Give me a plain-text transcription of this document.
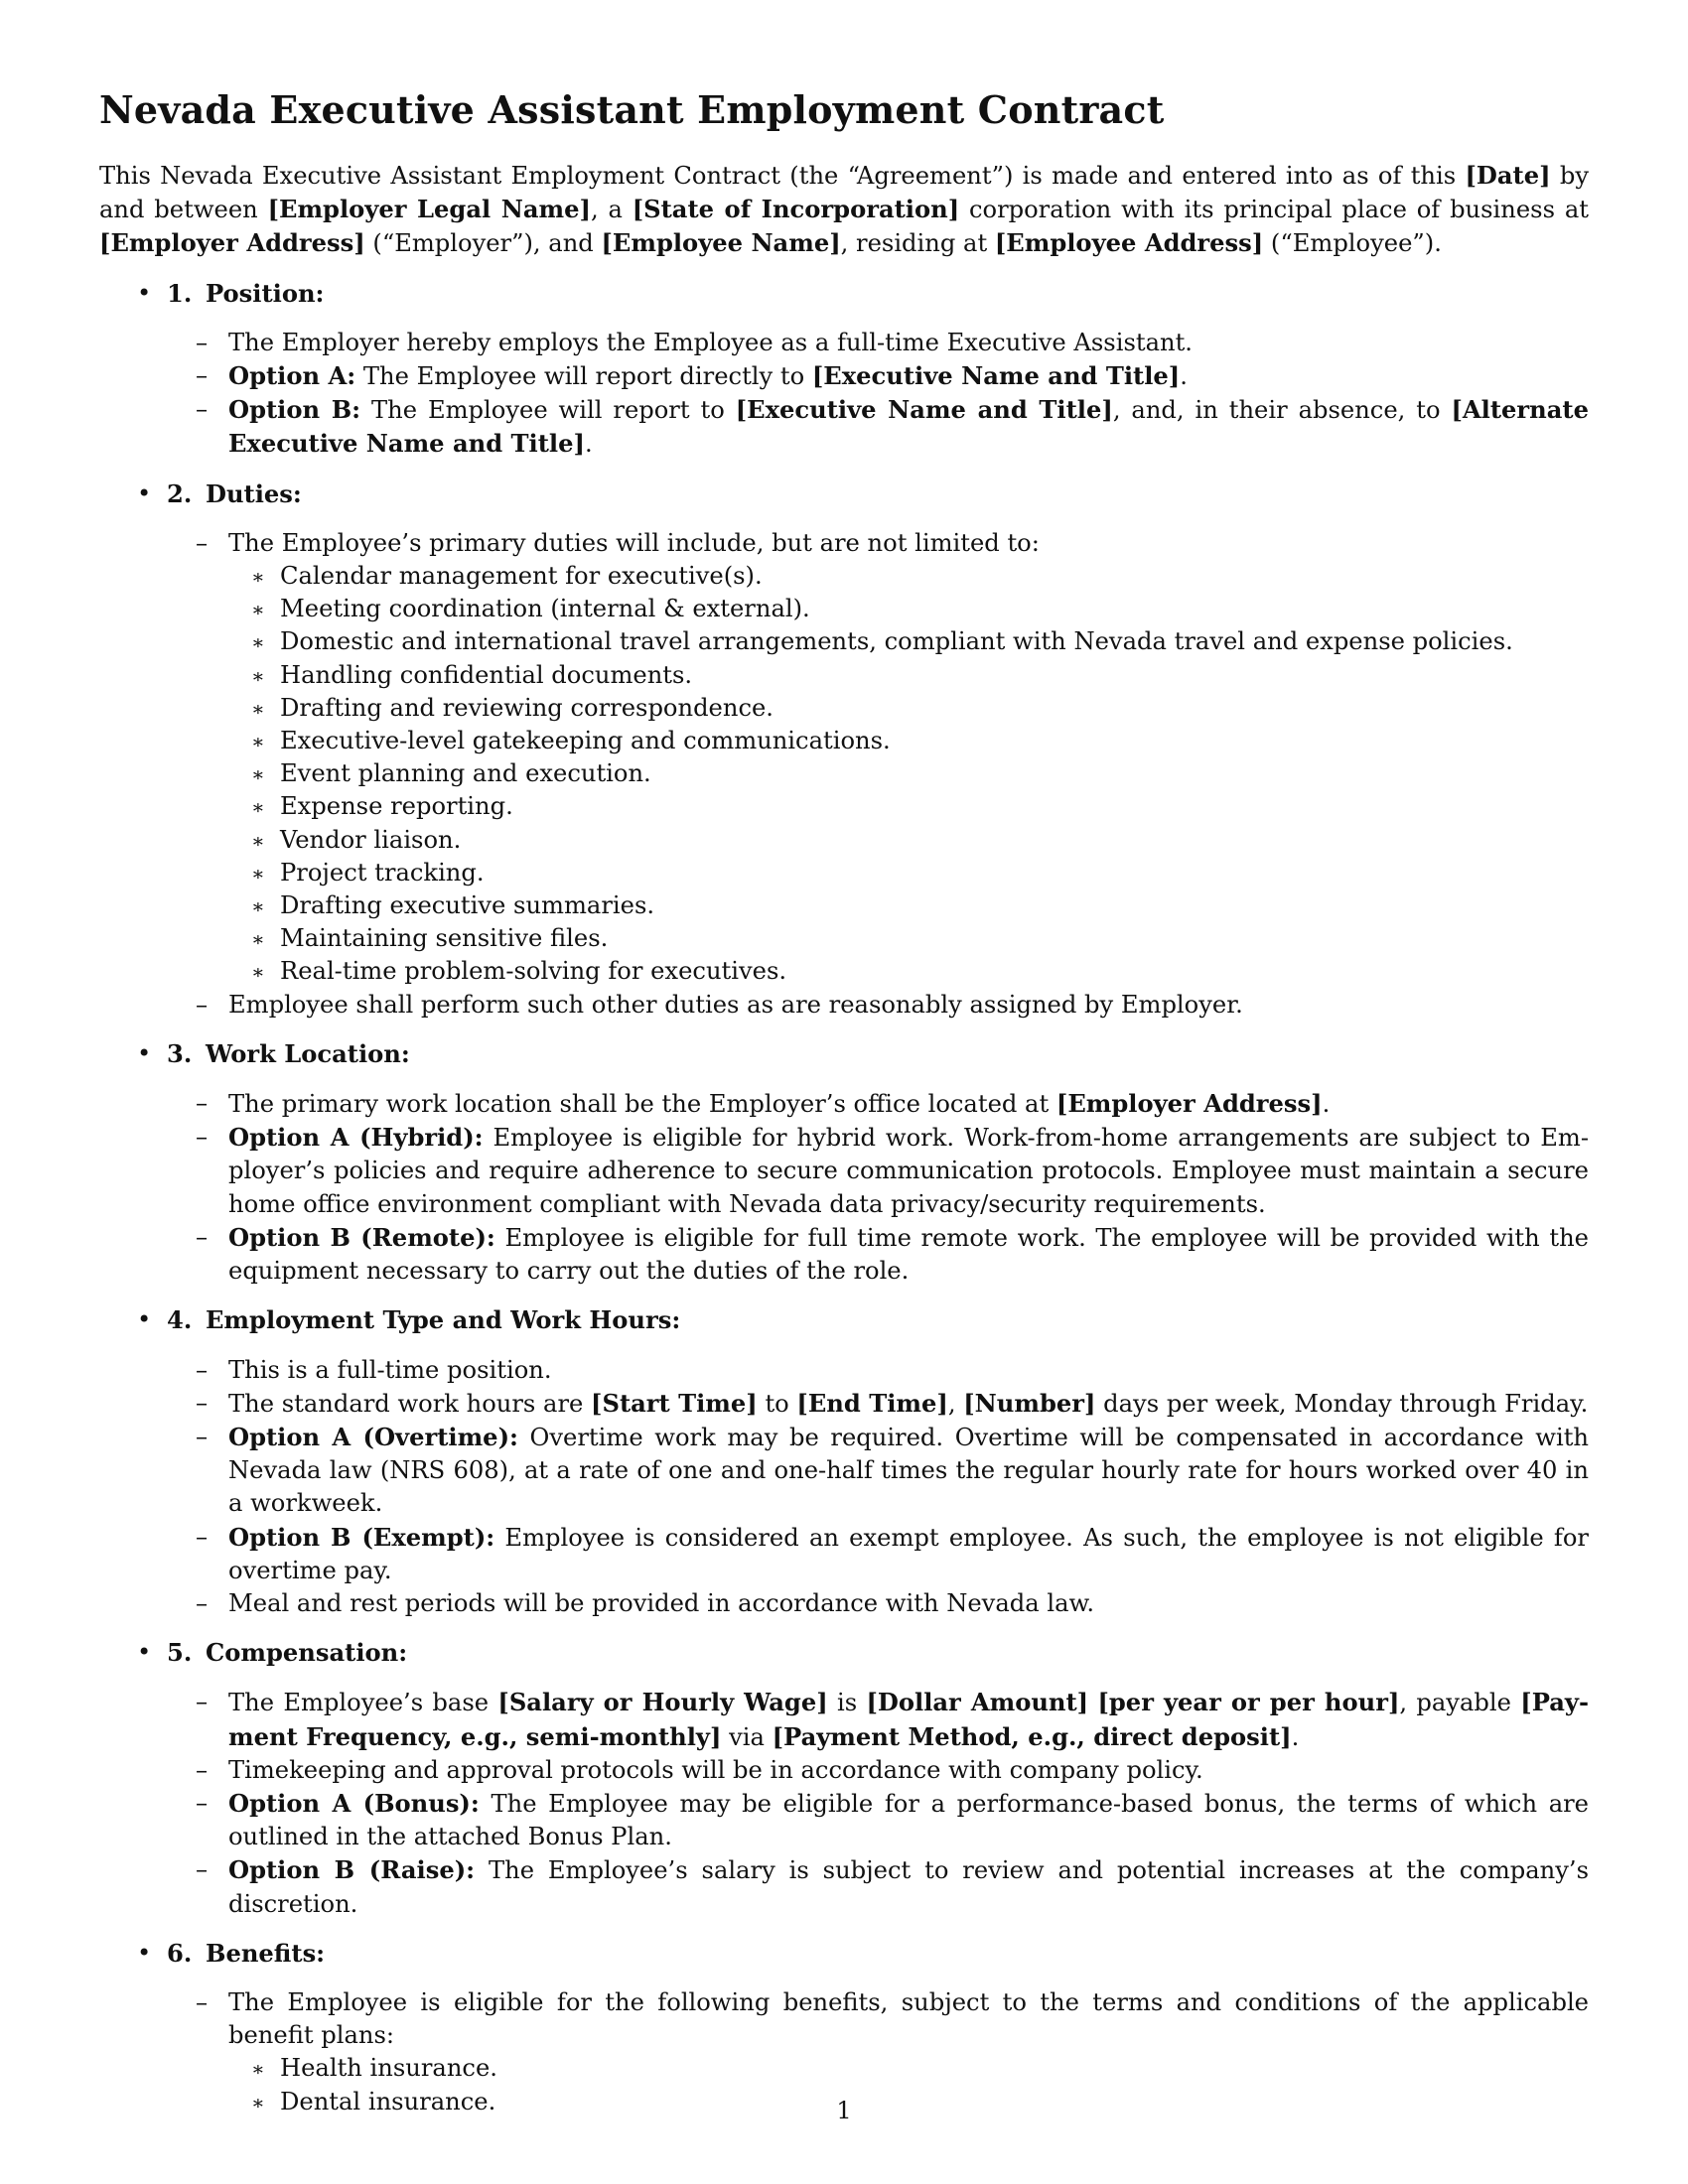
Nevada Executive Assistant Employment Contract

This Nevada Executive Assistant Employment Contract (the “Agreement”) is made and entered into as of this [Date] by and between [Employer Legal Name], a [State of Incorporation] corporation with its principal place of business at [Employer Address] (“Employer”), and [Employee Name], residing at [Employee Address] (“Employee”).

• 1. Position:

– The Employer hereby employs the Employee as a full-time Executive Assistant.
– Option A: The Employee will report directly to [Executive Name and Title].
– Option B: The Employee will report to [Executive Name and Title], and, in their absence, to [Alternate Executive Name and Title].
• 2. Duties:

– The Employee’s primary duties will include, but are not limited to:
∗ Calendar management for executive(s).
∗ Meeting coordination (internal & external).
∗ Domestic and international travel arrangements, compliant with Nevada travel and expense policies.
∗ Handling confidential documents.
∗ Drafting and reviewing correspondence.
∗ Executive-level gatekeeping and communications.
∗ Event planning and execution.
∗ Expense reporting.
∗ Vendor liaison.
∗ Project tracking.
∗ Drafting executive summaries.
∗ Maintaining sensitive files.
∗ Real-time problem-solving for executives.
– Employee shall perform such other duties as are reasonably assigned by Employer.
• 3. Work Location:

– The primary work location shall be the Employer’s office located at [Employer Address].
– Option A (Hybrid): Employee is eligible for hybrid work. Work-from-home arrangements are subject to Employer’s policies and require adherence to secure communication protocols. Employee must maintain a secure home office environment compliant with Nevada data privacy/security requirements.
– Option B (Remote): Employee is eligible for full time remote work. The employee will be provided with the equipment necessary to carry out the duties of the role.
• 4. Employment Type and Work Hours:

– This is a full-time position.
– The standard work hours are [Start Time] to [End Time], [Number] days per week, Monday through Friday.
– Option A (Overtime): Overtime work may be required. Overtime will be compensated in accordance with Nevada law (NRS 608), at a rate of one and one-half times the regular hourly rate for hours worked over 40 in a workweek.
– Option B (Exempt): Employee is considered an exempt employee. As such, the employee is not eligible for overtime pay.
– Meal and rest periods will be provided in accordance with Nevada law.
• 5. Compensation:

– The Employee’s base [Salary or Hourly Wage] is [Dollar Amount] [per year or per hour], payable [Payment Frequency, e.g., semi-monthly] via [Payment Method, e.g., direct deposit].
– Timekeeping and approval protocols will be in accordance with company policy.
– Option A (Bonus): The Employee may be eligible for a performance-based bonus, the terms of which are outlined in the attached Bonus Plan.
– Option B (Raise): The Employee’s salary is subject to review and potential increases at the company’s discretion.
• 6. Benefits:

– The Employee is eligible for the following benefits, subject to the terms and conditions of the applicable benefit plans:
∗ Health insurance.
∗ Dental insurance.	1
